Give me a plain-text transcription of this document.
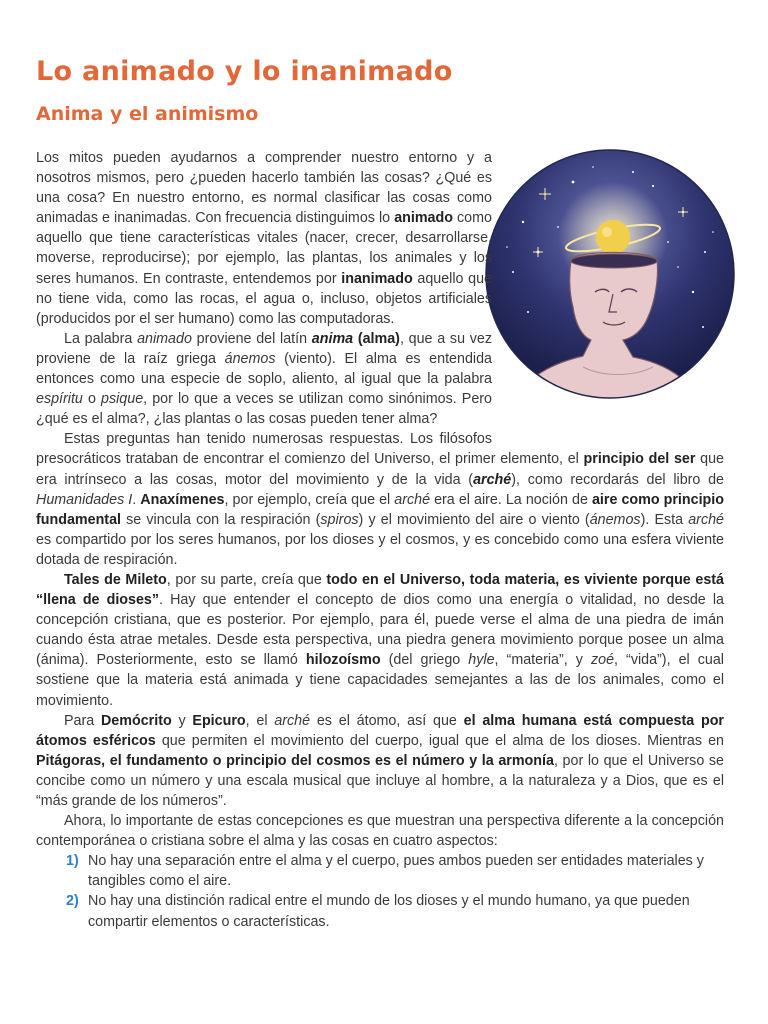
Lo animado y lo inanimado
Anima y el animismo

Los mitos pueden ayudarnos a comprender nuestro entorno y a nosotros mismos, pero ¿pueden hacerlo también las cosas? ¿Qué es una cosa? En nuestro entorno, es normal clasificar las cosas como animadas e inanimadas. Con frecuencia distinguimos lo animado como aquello que tiene características vitales (nacer, crecer, desarrollarse, moverse, reproducirse); por ejemplo, las plantas, los animales y los seres humanos. En contraste, entendemos por inanimado aquello que no tiene vida, como las rocas, el agua o, incluso, objetos artificiales (producidos por el ser humano) como las computadoras.

La palabra animado proviene del latín anima (alma), que a su vez proviene de la raíz griega ánemos (viento). El alma es entendida entonces como una especie de soplo, aliento, al igual que la palabra espíritu o psique, por lo que a veces se utilizan como sinónimos. Pero ¿qué es el alma?, ¿las plantas o las cosas pueden tener alma?

Estas preguntas han tenido numerosas respuestas. Los filósofos presocráticos trataban de encontrar el comienzo del Universo, el primer elemento, el principio del ser que era intrínseco a las cosas, motor del movimiento y de la vida (arché), como recordarás del libro de Humanidades I. Anaxímenes, por ejemplo, creía que el arché era el aire. La noción de aire como principio fundamental se vincula con la respiración (spiros) y el movimiento del aire o viento (ánemos). Esta arché es compartido por los seres humanos, por los dioses y el cosmos, y es concebido como una esfera viviente dotada de respiración.

Tales de Mileto, por su parte, creía que todo en el Universo, toda materia, es viviente porque está “llena de dioses”. Hay que entender el concepto de dios como una energía o vitalidad, no desde la concepción cristiana, que es posterior. Por ejemplo, para él, puede verse el alma de una piedra de imán cuando ésta atrae metales. Desde esta perspectiva, una piedra genera movimiento porque posee un alma (ánima). Posteriormente, esto se llamó hilozoísmo (del griego hyle, “materia”, y zoé, “vida”), el cual sostiene que la materia está animada y tiene capacidades semejantes a las de los animales, como el movimiento.

Para Demócrito y Epicuro, el arché es el átomo, así que el alma humana está compuesta por átomos esféricos que permiten el movimiento del cuerpo, igual que el alma de los dioses. Mientras en Pitágoras, el fundamento o principio del cosmos es el número y la armonía, por lo que el Universo se concibe como un número y una escala musical que incluye al hombre, a la naturaleza y a Dios, que es el “más grande de los números”.

Ahora, lo importante de estas concepciones es que muestran una perspectiva diferente a la concepción contemporánea o cristiana sobre el alma y las cosas en cuatro aspectos:

1) No hay una separación entre el alma y el cuerpo, pues ambos pueden ser entidades materiales y tangibles como el aire.
2) No hay una distinción radical entre el mundo de los dioses y el mundo humano, ya que pueden compartir elementos o características.
